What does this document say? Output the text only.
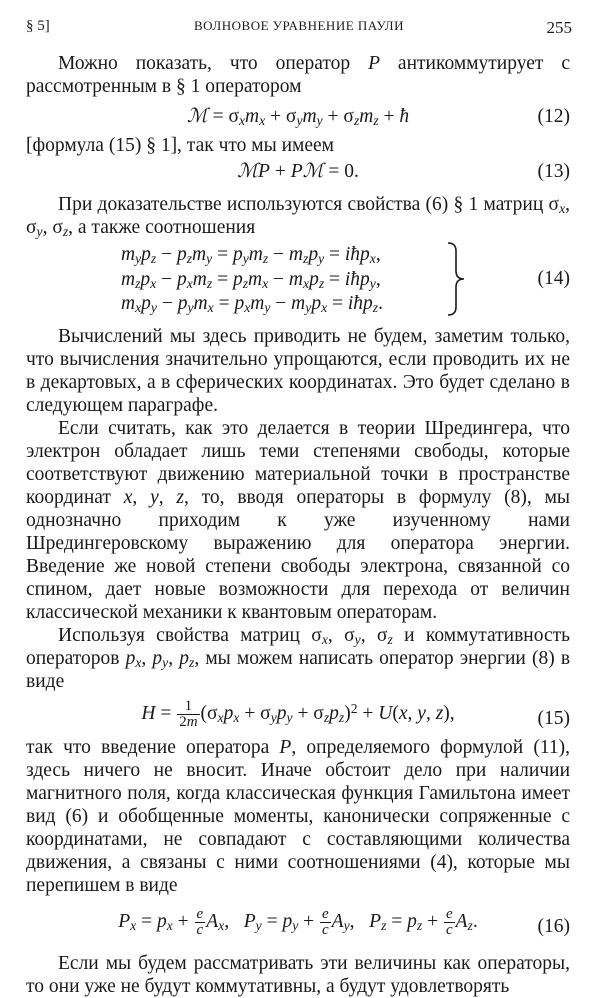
§ 5]	ВОЛНОВОЕ УРАВНЕНИЕ ПАУЛИ	255

Можно показать, что оператор P антикоммутирует с рассмотренным в § 1 оператором

ℳ = $\sigma_xm_x + \sigma_ym_y + \sigma_zm_z$ + ħ	(12)

[формула (15) § 1], так что мы имеем

ℳP + Pℳ = 0.	(13)

При доказательстве используются свойства (6) § 1 матриц $\sigma_x$, $\sigma_y$, $\sigma_z$, а также соотношения

$m_yp_z - p_zm_y = p_ym_z - m_zp_y$ = iħp$_x$,
$m_zp_x - p_xm_z = p_zm_x - m_xp_z$ = iħp$_y$,
$m_xp_y - p_ym_x = p_xm_y - m_yp_x$ = iħp$_z$.
(14)

Вычислений мы здесь приводить не будем, заметим только, что вычисления значительно упрощаются, если проводить их не в декартовых, а в сферических координатах. Это будет сделано в следующем параграфе.

Если считать, как это делается в теории Шредингера, что электрон обладает лишь теми степенями свободы, которые соответствуют движению материальной точки в пространстве координат x, y, z, то, вводя операторы в формулу (8), мы однозначно приходим к уже изученному нами Шредингеровскому выражению для оператора энергии. Введение же новой степени свободы электрона, связанной со спином, дает новые возможности для перехода от величин классической механики к квантовым операторам.

Используя свойства матриц $\sigma_x$, $\sigma_y$, $\sigma_z$ и коммутативность операторов $p_x$, $p_y$, $p_z$, мы можем написать оператор энергии (8) в виде

$H = \frac{1}{2m} (\sigma_xp_x + \sigma_yp_y + \sigma_zp_z)^2 + U(x$, y, z),	(15)

так что введение оператора P, определяемого формулой (11), здесь ничего не вносит. Иначе обстоит дело при наличии магнитного поля, когда классическая функция Гамильтона имеет вид (6) и обобщенные моменты, канонически сопряженные с координатами, не совпадают с составляющими количества движения, а связаны с ними соотношениями (4), которые мы перепишем в виде

$P_x = p_x + \frac{e}{c} A_x$,   $P_y = p_y + \frac{e}{c} A_y$,   $P_z = p_z + \frac{e}{c} A_z$.	(16)

Если мы будем рассматривать эти величины как операторы, то они уже не будут коммутативны, а будут удовлетворять
